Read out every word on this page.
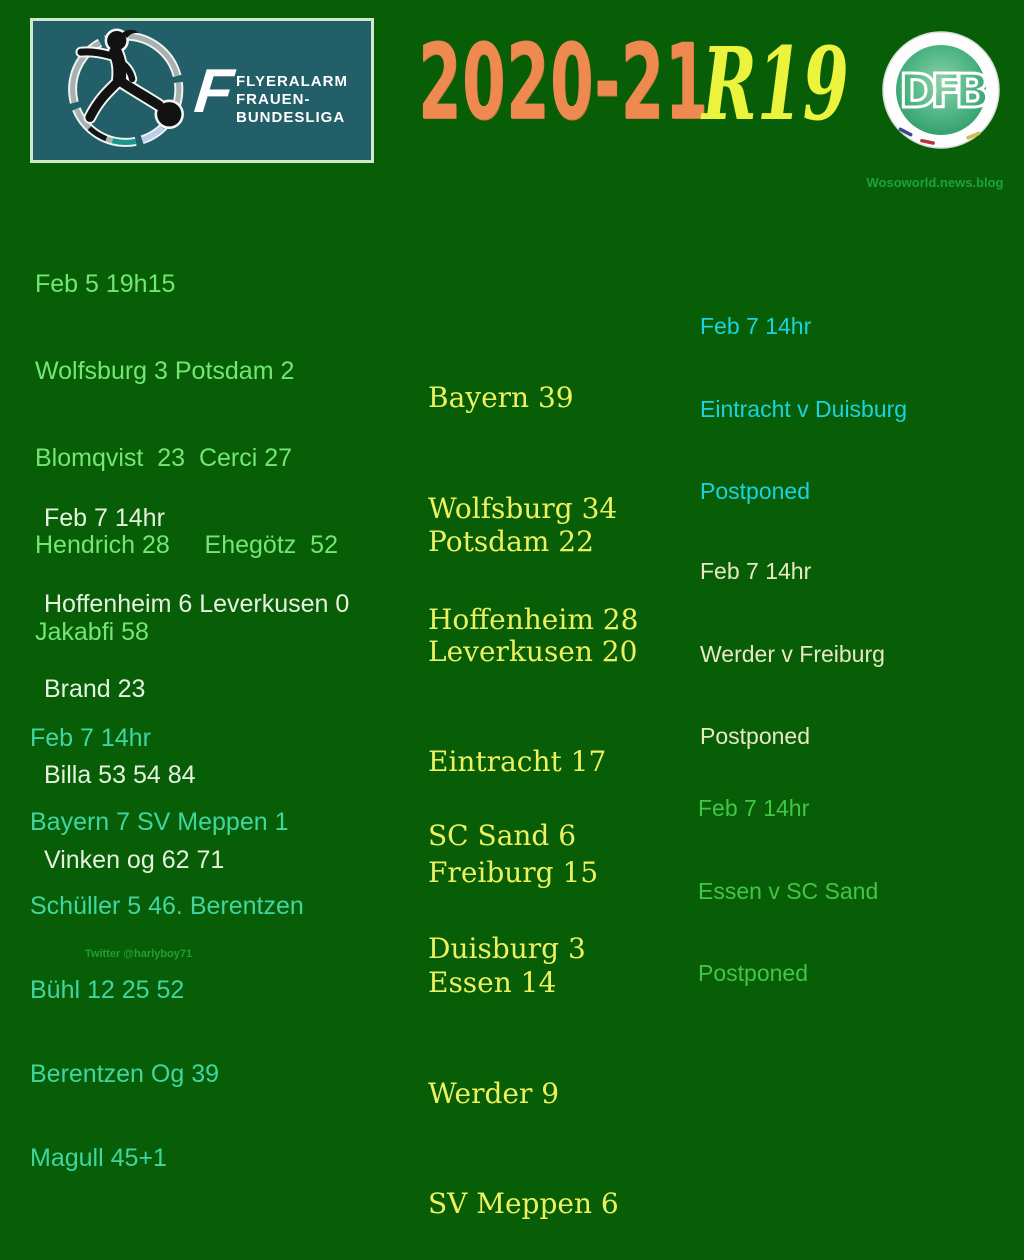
F FLYERALARM
FRAUEN-
BUNDESLIGA 2020-21
R19 DFB
Wosoworld.news.blog

Feb 5 19h15

Wolfsburg 3 Potsdam 2

Blomqvist  23  Cerci 27

Hendrich 28     Ehegötz  52

Jakabfi 58

Feb 7 14hr

Hoffenheim 6 Leverkusen 0

Brand 23

Billa 53 54 84

Vinken og 62 71

Feb 7 14hr

Bayern 7 SV Meppen 1

Schüller 5 46. Berentzen

Bühl 12 25 52

Berentzen Og 39

Magull 45+1

Bayern 39

Wolfsburg 34

Hoffenheim 28

Potsdam 22

Leverkusen 20

Eintracht 17

Freiburg 15

Essen 14

Werder 9

SV Meppen 6

SC Sand 6

Duisburg 3

Feb 7 14hr

Eintracht v Duisburg

Postponed

Feb 7 14hr

Werder v Freiburg

Postponed

Feb 7 14hr

Essen v SC Sand

Postponed

Twitter @harlyboy71
